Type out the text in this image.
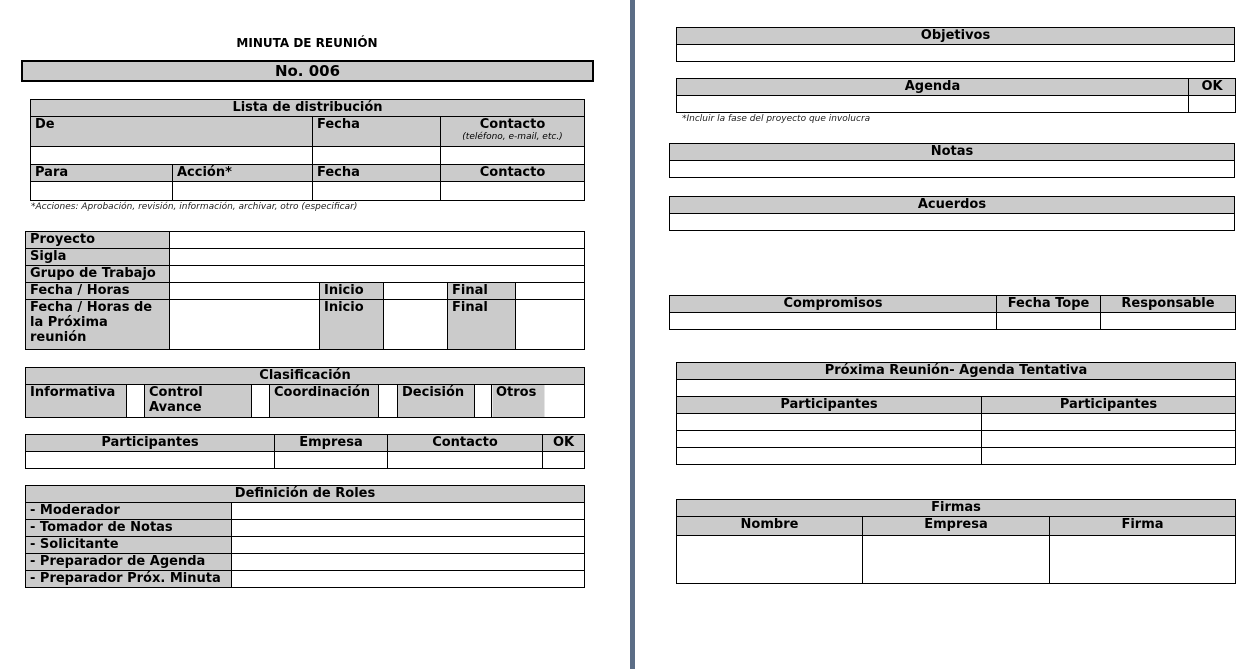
MINUTA DE REUNIÓN
No. 006
Lista de distribución			
De		Fecha	Contacto
(teléfono, e-mail, etc.)

Para	Acción*	Fecha	Contacto

*Acciones: Aprobación, revisión, información, archivar, otro (especificar)
Proyecto					
Sigla					
Grupo de Trabajo					
Fecha / Horas		Inicio		Final	
Fecha / Horas de la Próxima reunión		Inicio		Final	
Clasificación
Informativa		Control Avance		Coordinación		Decisión		Otros
Participantes	Empresa	Contacto	OK

Definición de Roles	
- Moderador	
- Tomador de Notas	
- Solicitante	
- Preparador de Agenda	
- Preparador Próx. Minuta	
Objetivos

Agenda	OK

*Incluir la fase del proyecto que involucra
Notas

Acuerdos

Compromisos	Fecha Tope	Responsable

Próxima Reunión- Agenda Tentativa	

Participantes	Participantes

Firmas		
Nombre	Empresa	Firma
